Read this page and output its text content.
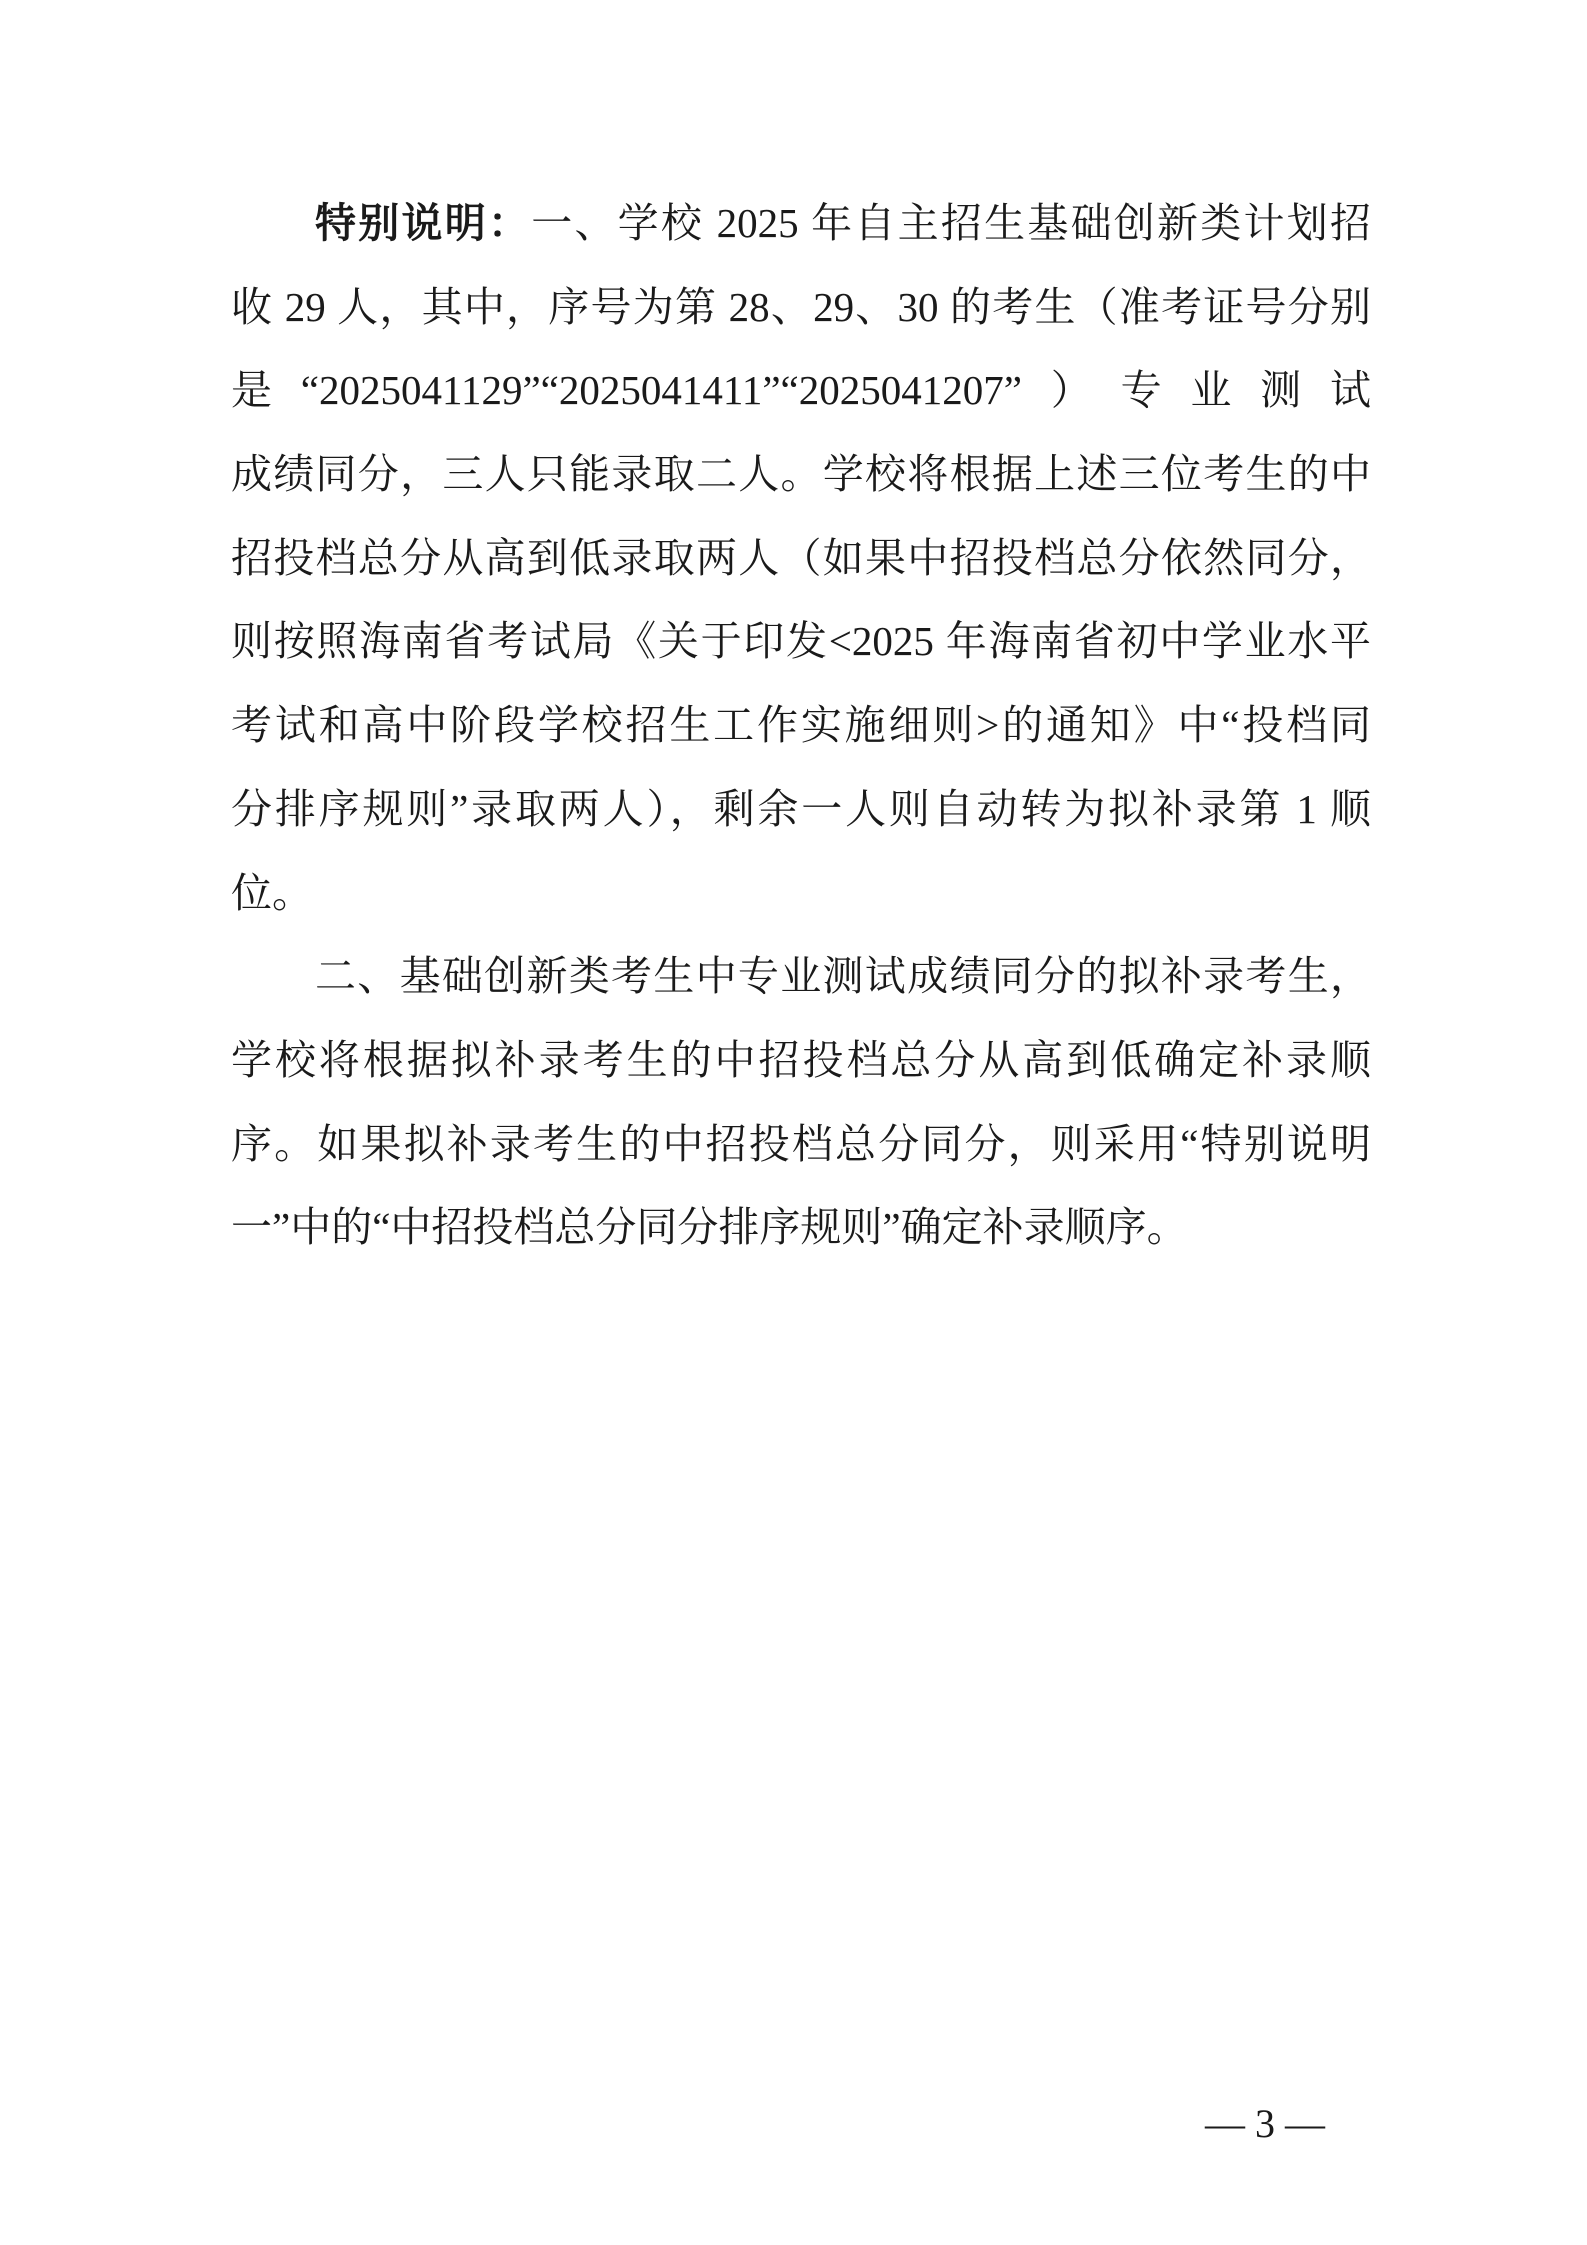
特别说明：一、学校 2025 年自主招生基础创新类计划招
收 29 人，其中，序号为第 28、29、30 的考生（准考证号分别
是“2025041129”“2025041411”“2025041207”）专业测试
成绩同分，三人只能录取二人。学校将根据上述三位考生的中
招投档总分从高到低录取两人（如果中招投档总分依然同分，
则按照海南省考试局《关于印发<2025 年海南省初中学业水平
考试和高中阶段学校招生工作实施细则>的通知》中“投档同
分排序规则”录取两人），剩余一人则自动转为拟补录第 1 顺
位。
二、基础创新类考生中专业测试成绩同分的拟补录考生，
学校将根据拟补录考生的中招投档总分从高到低确定补录顺
序。如果拟补录考生的中招投档总分同分，则采用“特别说明
一”中的“中招投档总分同分排序规则”确定补录顺序。
— 3 —
